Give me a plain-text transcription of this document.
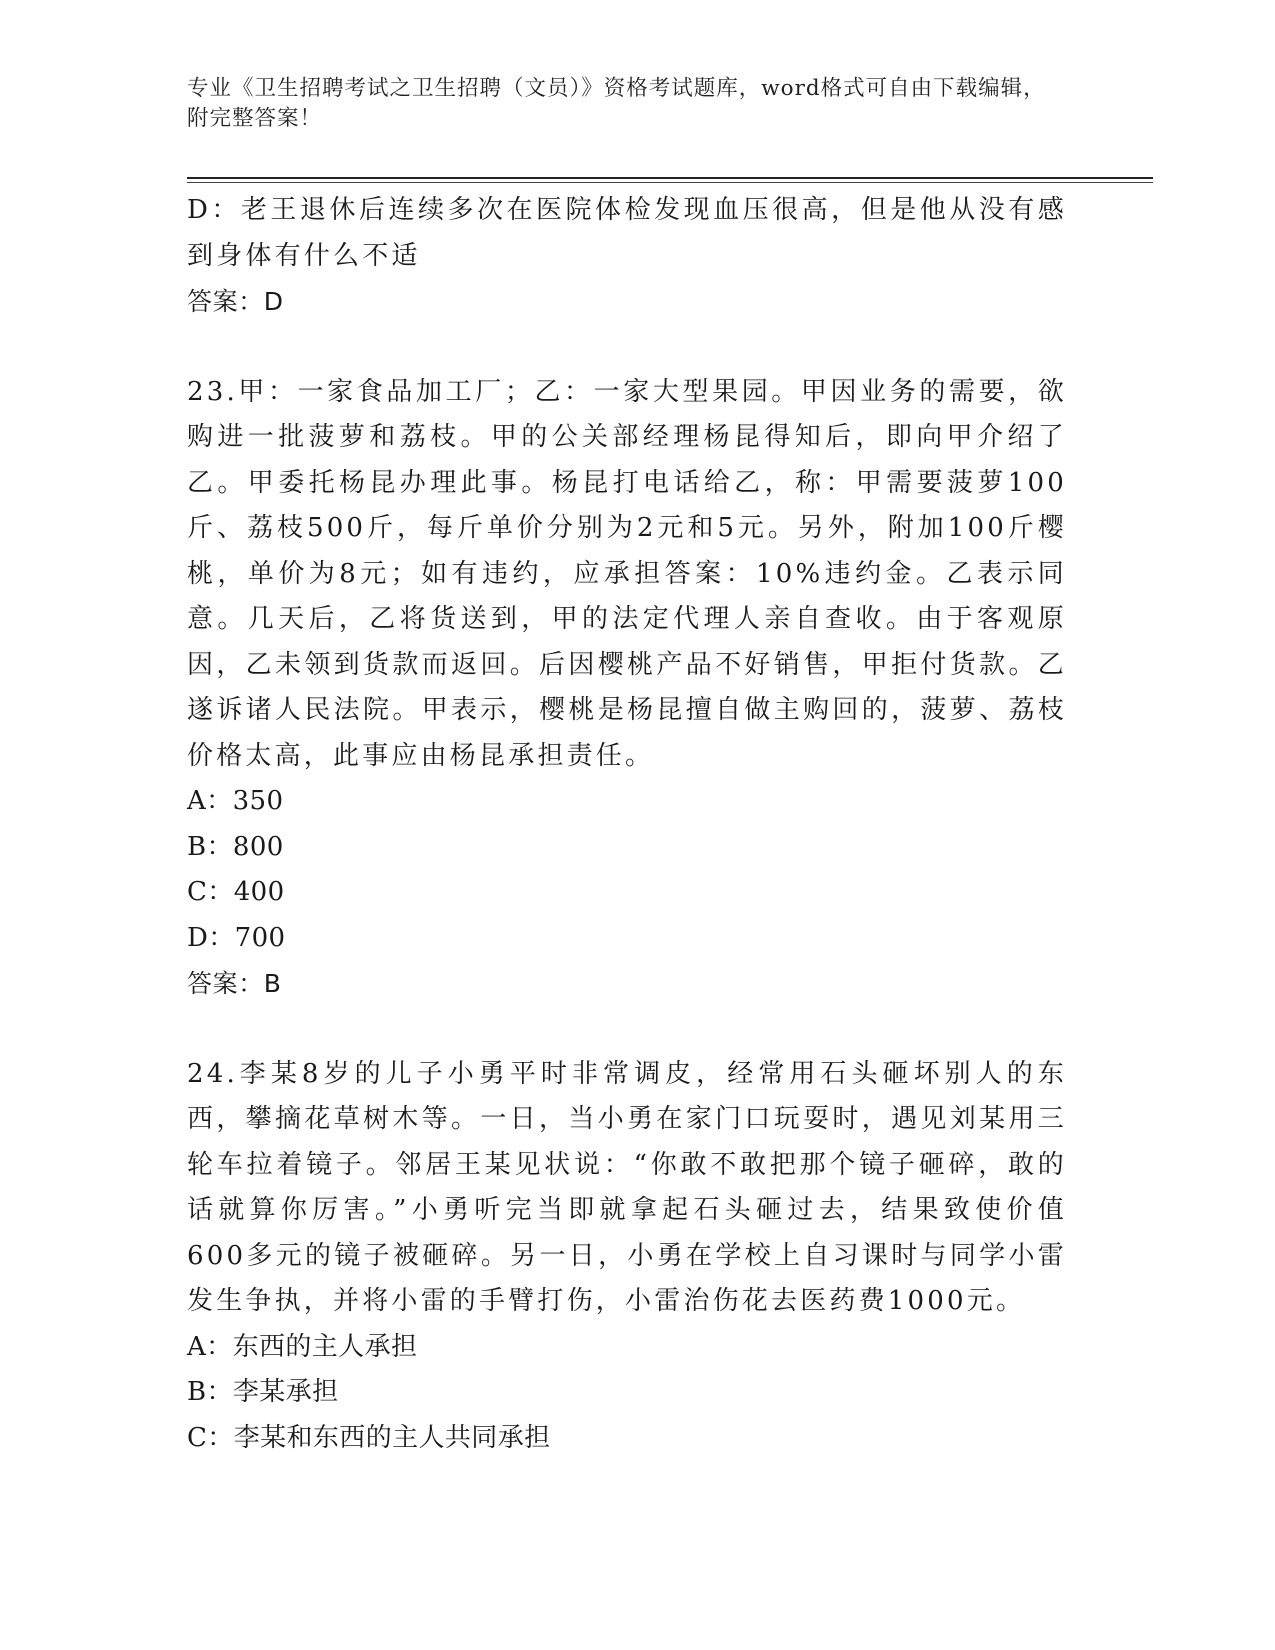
专业《卫生招聘考试之卫生招聘（文员）》资格考试题库，word格式可自由下载编辑，附完整答案！

D：老王退休后连续多次在医院体检发现血压很高，但是他从没有感到身体有什么不适

答案：D

23.甲：一家食品加工厂；乙：一家大型果园。甲因业务的需要，欲购进一批菠萝和荔枝。甲的公关部经理杨昆得知后，即向甲介绍了乙。甲委托杨昆办理此事。杨昆打电话给乙，称：甲需要菠萝100斤、荔枝500斤，每斤单价分别为2元和5元。另外，附加100斤樱桃，单价为8元；如有违约，应承担答案：10%违约金。乙表示同意。几天后，乙将货送到，甲的法定代理人亲自查收。由于客观原因，乙未领到货款而返回。后因樱桃产品不好销售，甲拒付货款。乙遂诉诸人民法院。甲表示，樱桃是杨昆擅自做主购回的，菠萝、荔枝价格太高，此事应由杨昆承担责任。

A：350

B：800

C：400

D：700

答案：B

24.李某8岁的儿子小勇平时非常调皮，经常用石头砸坏别人的东西，攀摘花草树木等。一日，当小勇在家门口玩耍时，遇见刘某用三轮车拉着镜子。邻居王某见状说：“你敢不敢把那个镜子砸碎，敢的话就算你厉害。”小勇听完当即就拿起石头砸过去，结果致使价值600多元的镜子被砸碎。另一日，小勇在学校上自习课时与同学小雷发生争执，并将小雷的手臂打伤，小雷治伤花去医药费1000元。

A：东西的主人承担

B：李某承担

C：李某和东西的主人共同承担
